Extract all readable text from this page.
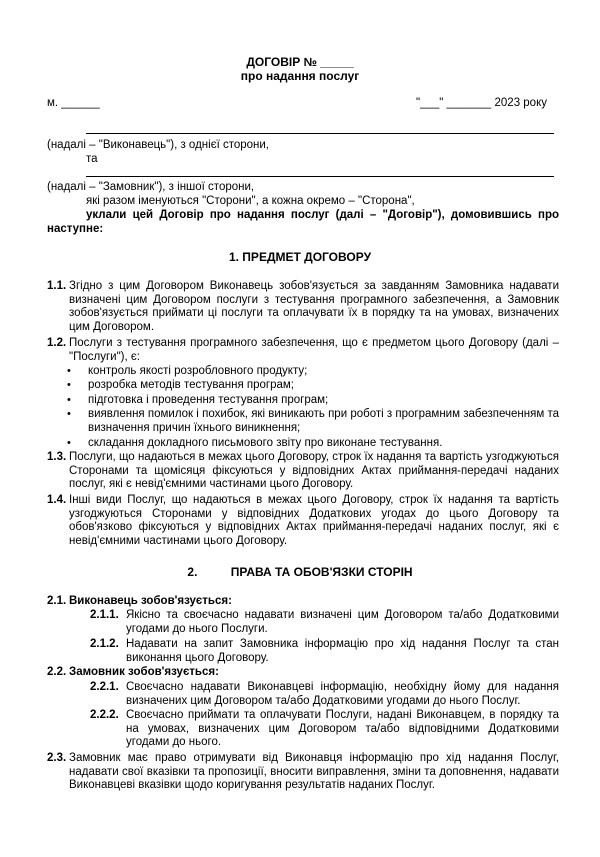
ДОГОВІР № _____
про надання послуг
м. ______	"___" _______ 2023 року
(надалі – "Виконавець"), з однієї сторони,
та
(надалі – "Замовник"), з іншої сторони,
які разом іменуються "Сторони", а кожна окремо – "Сторона",
уклали цей Договір про надання послуг (далі – "Договір"), домовившись про наступне:
1. ПРЕДМЕТ ДОГОВОРУ
1.1. Згідно з цим Договором Виконавець зобов'язується за завданням Замовника надавати визначені цим Договором послуги з тестування програмного забезпечення, а Замовник зобов'язується приймати ці послуги та оплачувати їх в порядку та на умовах, визначених цим Договором.
1.2. Послуги з тестування програмного забезпечення, що є предметом цього Договору (далі – "Послуги"), є:
• контроль якості розробловного продукту;
• розробка методів тестування програм;
• підготовка і проведення тестування програм;
• виявлення помилок і похибок, які виникають при роботі з програмним забезпеченням та визначення причин їхнього виникнення;
• складання докладного письмового звіту про виконане тестування.
1.3. Послуги, що надаються в межах цього Договору, строк їх надання та вартість узгоджуються Сторонами та щомісяця фіксуються у відповідних Актах приймання-передачі наданих послуг, які є невід'ємними частинами цього Договору.
1.4. Інші види Послуг, що надаються в межах цього Договору, строк їх надання та вартість узгоджуються Сторонами у відповідних Додаткових угодах до цього Договору та обов'язково фіксуються у відповідних Актах приймання-передачі наданих послуг, які є невід'ємними частинами цього Договору.
2.          ПРАВА ТА ОБОВ'ЯЗКИ СТОРІН
2.1. Виконавець зобов'язується:
2.1.1. Якісно та своєчасно надавати визначені цим Договором та/або Додатковими угодами до нього Послуги.
2.1.2. Надавати на запит Замовника інформацію про хід надання Послуг та стан виконання цього Договору.
2.2. Замовник зобов'язується:
2.2.1. Своєчасно надавати Виконавцеві інформацію, необхідну йому для надання визначених цим Договором та/або Додатковими угодами до нього Послуг.
2.2.2. Своєчасно приймати та оплачувати Послуги, надані Виконавцем, в порядку та на умовах, визначених цим Договором та/або відповідними Додатковими угодами до нього.
2.3. Замовник має право отримувати від Виконавця інформацію про хід надання Послуг, надавати свої вказівки та пропозиції, вносити виправлення, зміни та доповнення, надавати Виконавцеві вказівки щодо коригування результатів наданих Послуг.
